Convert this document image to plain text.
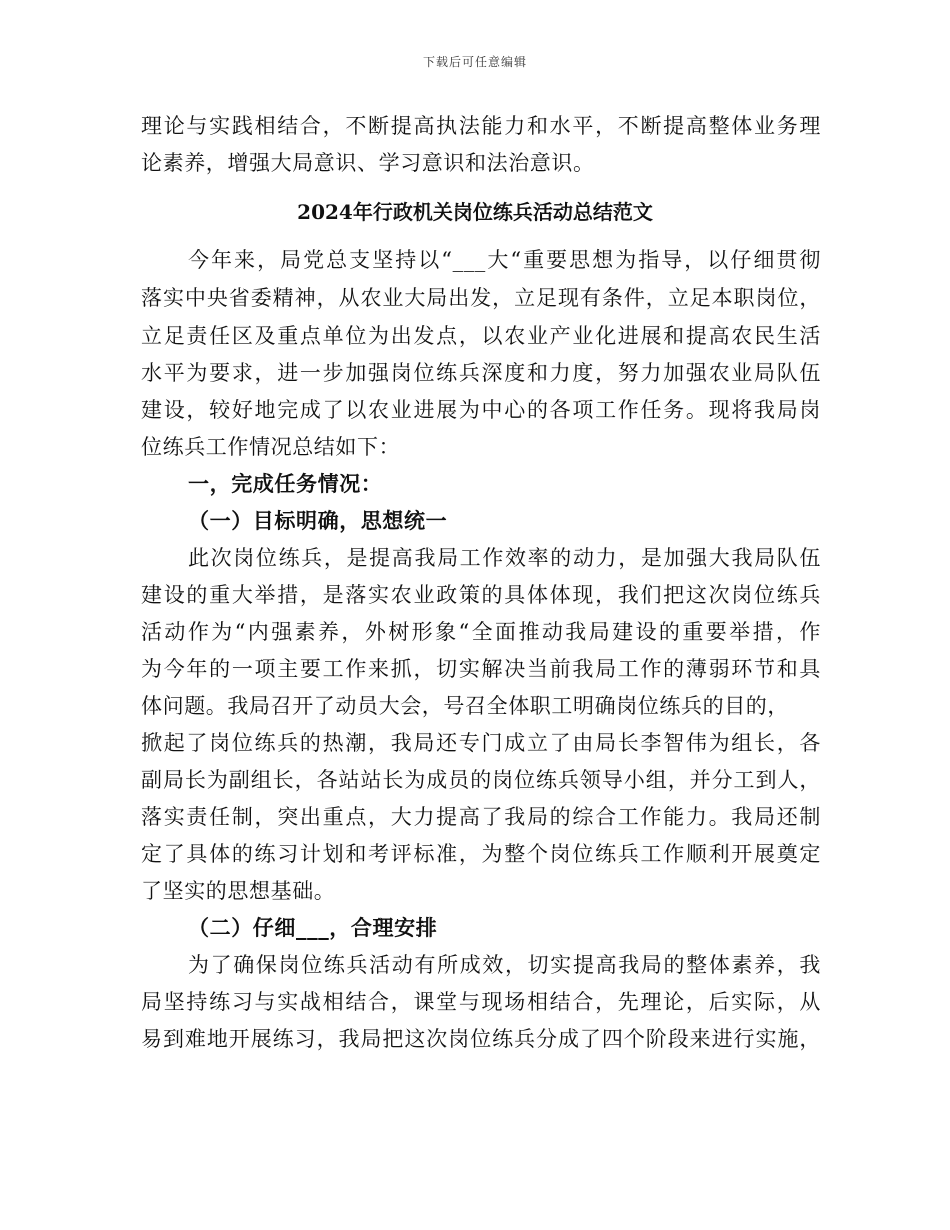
下载后可任意编辑
理论与实践相结合，不断提高执法能力和水平，不断提高整体业务理
论素养，增强大局意识、学习意识和法治意识。
2024年行政机关岗位练兵活动总结范文
今年来，局党总支坚持以“___大“重要思想为指导，以仔细贯彻
落实中央省委精神，从农业大局出发，立足现有条件，立足本职岗位，
立足责任区及重点单位为出发点，以农业产业化进展和提高农民生活
水平为要求，进一步加强岗位练兵深度和力度，努力加强农业局队伍
建设，较好地完成了以农业进展为中心的各项工作任务。现将我局岗
位练兵工作情况总结如下：
一，完成任务情况：
（一）目标明确，思想统一
此次岗位练兵，是提高我局工作效率的动力，是加强大我局队伍
建设的重大举措，是落实农业政策的具体体现，我们把这次岗位练兵
活动作为“内强素养，外树形象“全面推动我局建设的重要举措，作
为今年的一项主要工作来抓，切实解决当前我局工作的薄弱环节和具
体问题。我局召开了动员大会，号召全体职工明确岗位练兵的目的，
掀起了岗位练兵的热潮，我局还专门成立了由局长李智伟为组长，各
副局长为副组长，各站站长为成员的岗位练兵领导小组，并分工到人，
落实责任制，突出重点，大力提高了我局的综合工作能力。我局还制
定了具体的练习计划和考评标准，为整个岗位练兵工作顺利开展奠定
了坚实的思想基础。
（二）仔细___，合理安排
为了确保岗位练兵活动有所成效，切实提高我局的整体素养，我
局坚持练习与实战相结合，课堂与现场相结合，先理论，后实际，从
易到难地开展练习，我局把这次岗位练兵分成了四个阶段来进行实施，
